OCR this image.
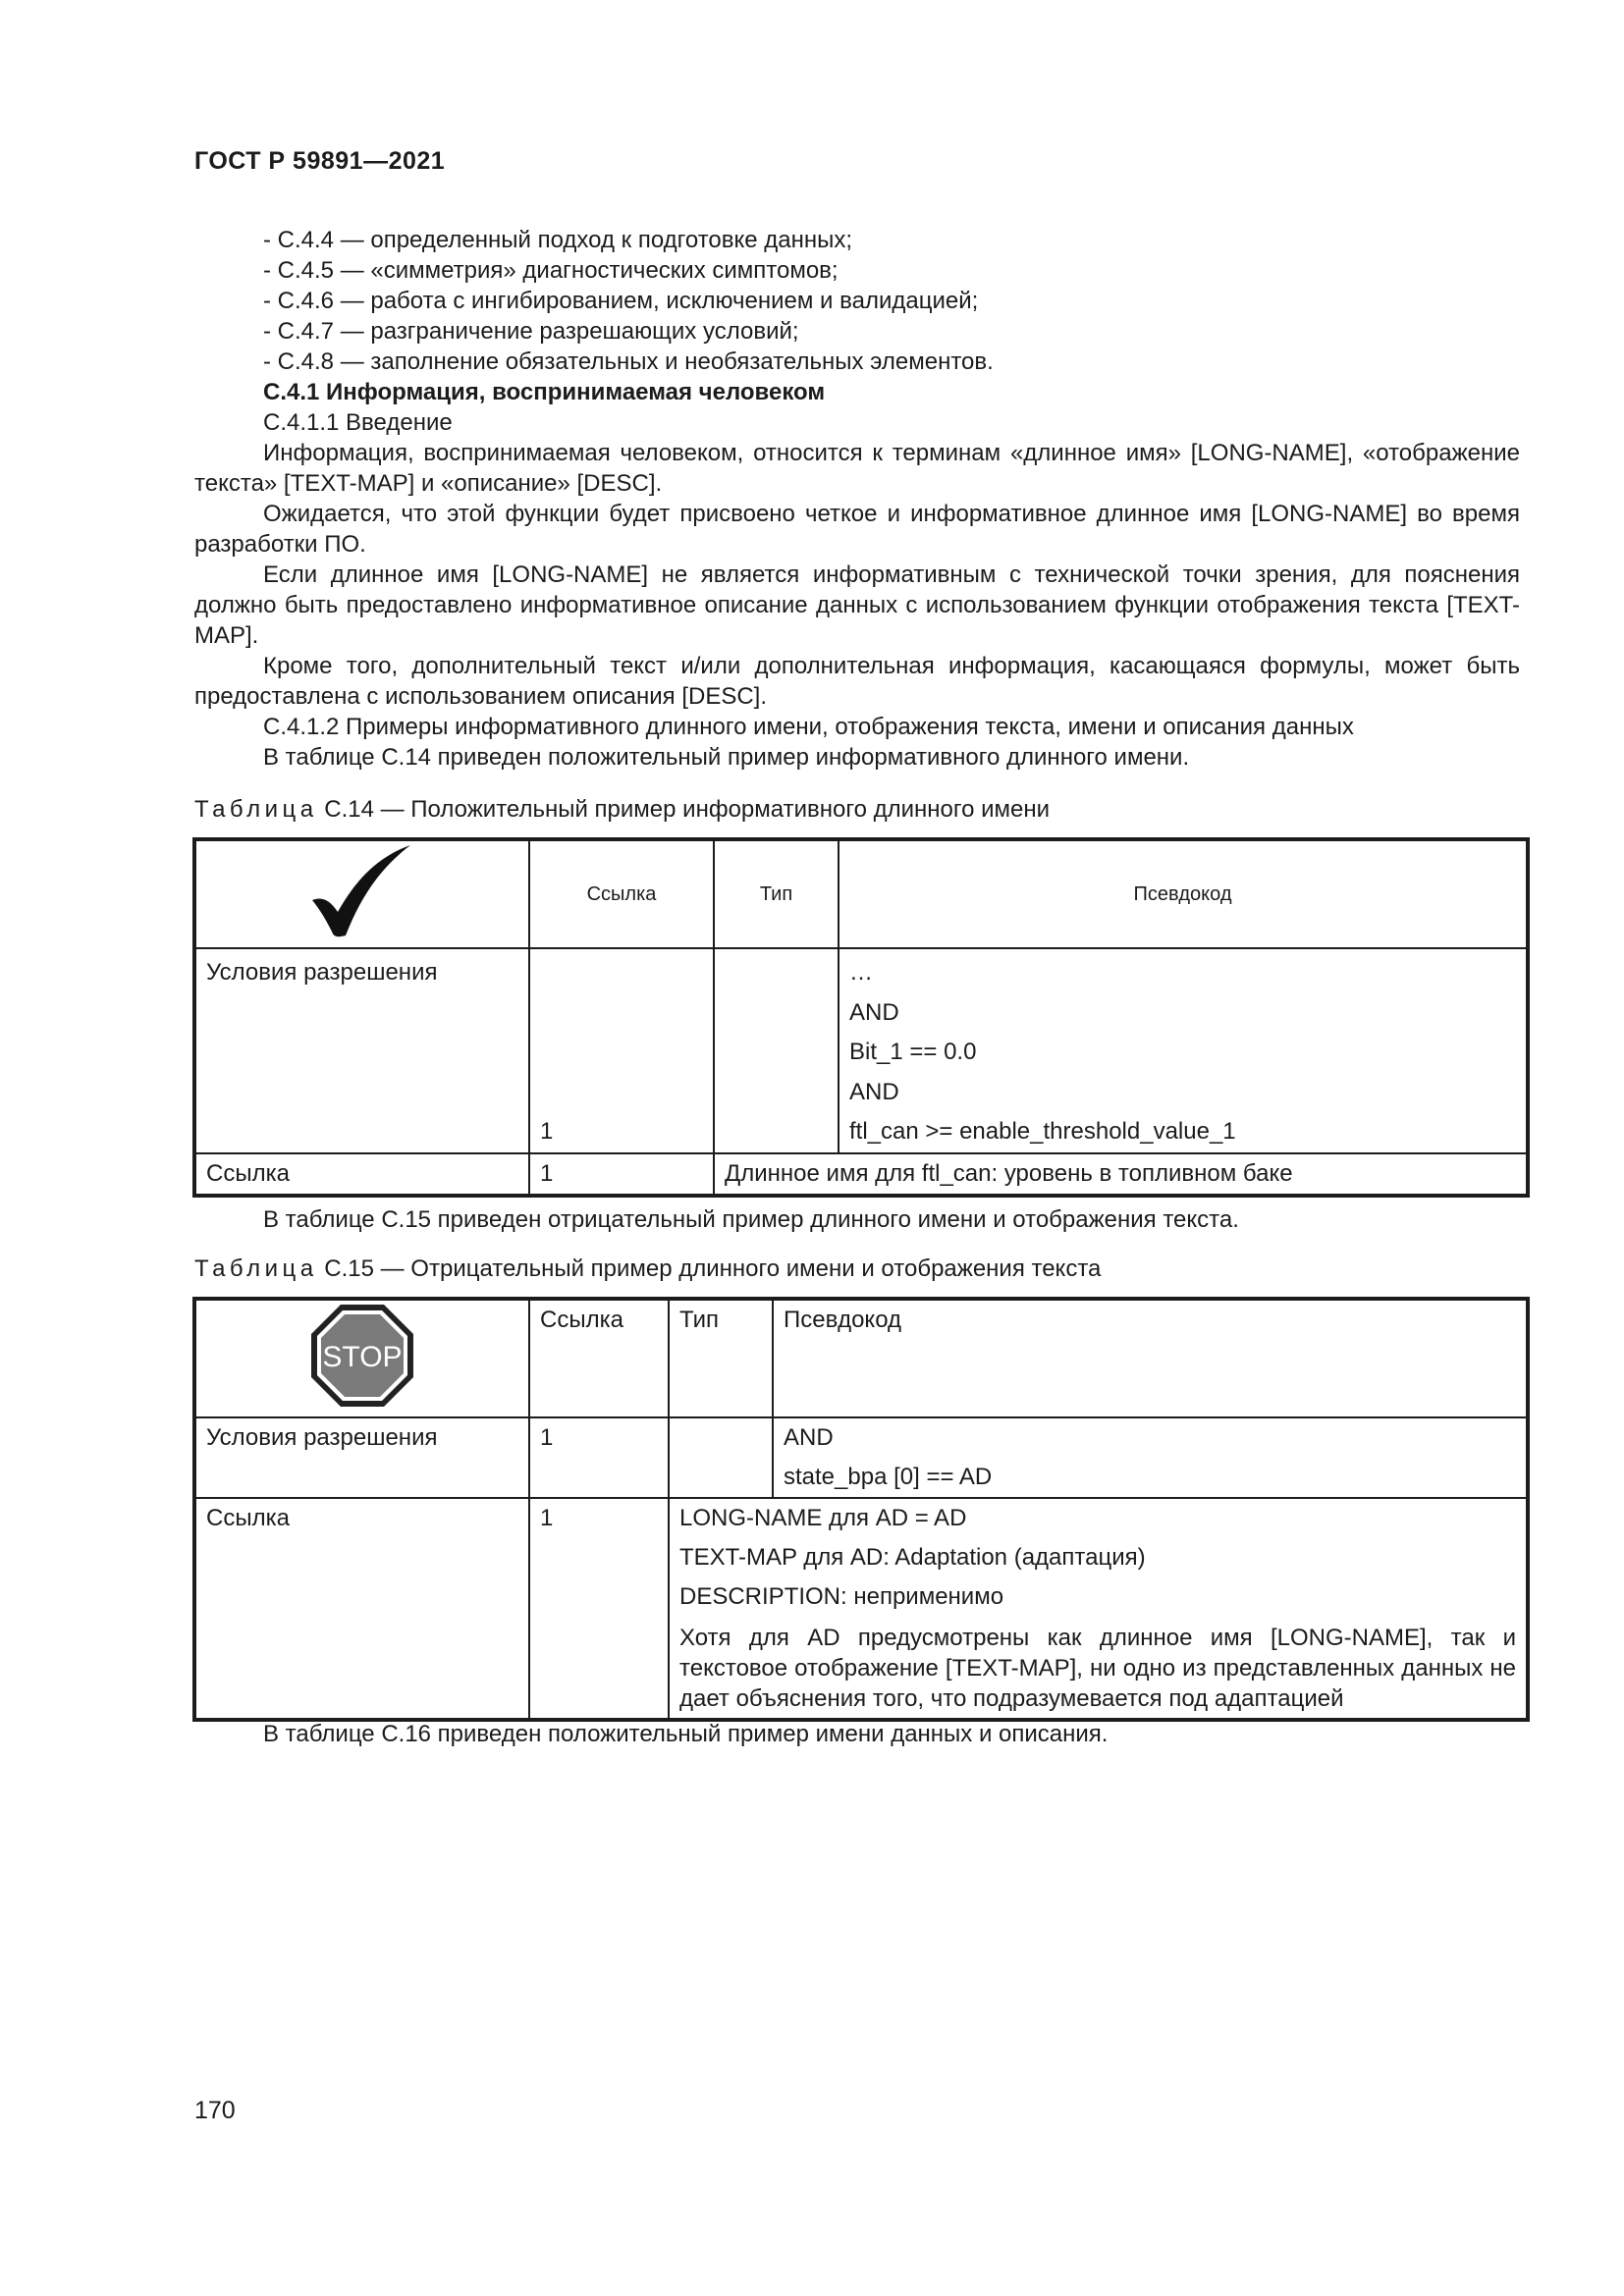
ГОСТ Р 59891—2021
- С.4.4 — определенный подход к подготовке данных;
- С.4.5 — «симметрия» диагностических симптомов;
- С.4.6 — работа с ингибированием, исключением и валидацией;
- С.4.7 — разграничение разрешающих условий;
- С.4.8 — заполнение обязательных и необязательных элементов.
С.4.1 Информация, воспринимаемая человеком
С.4.1.1 Введение
Информация, воспринимаемая человеком, относится к терминам «длинное имя» [LONG-NAME], «отображение текста» [TEXT-MAP] и «описание» [DESC].
Ожидается, что этой функции будет присвоено четкое и информативное длинное имя [LONG-NAME] во время разработки ПО.
Если длинное имя [LONG-NAME] не является информативным с технической точки зрения, для пояснения должно быть предоставлено информативное описание данных с использованием функции отображения текста [TEXT-MAP].
Кроме того, дополнительный текст и/или дополнительная информация, касающаяся формулы, может быть предоставлена с использованием описания [DESC].
С.4.1.2 Примеры информативного длинного имени, отображения текста, имени и описания данных
В таблице С.14 приведен положительный пример информативного длинного имени.
Таблица С.14 — Положительный пример информативного длинного имени
	Ссылка	Тип	Псевдокод

Условия разрешения	1		…
AND
Bit_1 == 0.0
AND
ftl_can >= enable_threshold_value_1

Ссылка	1	Длинное имя для ftl_can: уровень в топливном баке	
В таблице С.15 приведен отрицательный пример длинного имени и отображения текста.
Таблица С.15 — Отрицательный пример длинного имени и отображения текста
STOP	Ссылка	Тип	Псевдокод
Условия разрешения	1		AND
state_bpa [0] == AD

Ссылка	1	LONG-NAME для AD = AD
TEXT-MAP для AD: Adaptation (адаптация)
DESCRIPTION: неприменимо
Хотя для AD предусмотрены как длинное имя [LONG-NAME], так и текстовое отображение [TEXT-MAP], ни одно из представленных данных не дает объяснения того, что подразумевается под адаптацией	
В таблице С.16 приведен положительный пример имени данных и описания.
170
